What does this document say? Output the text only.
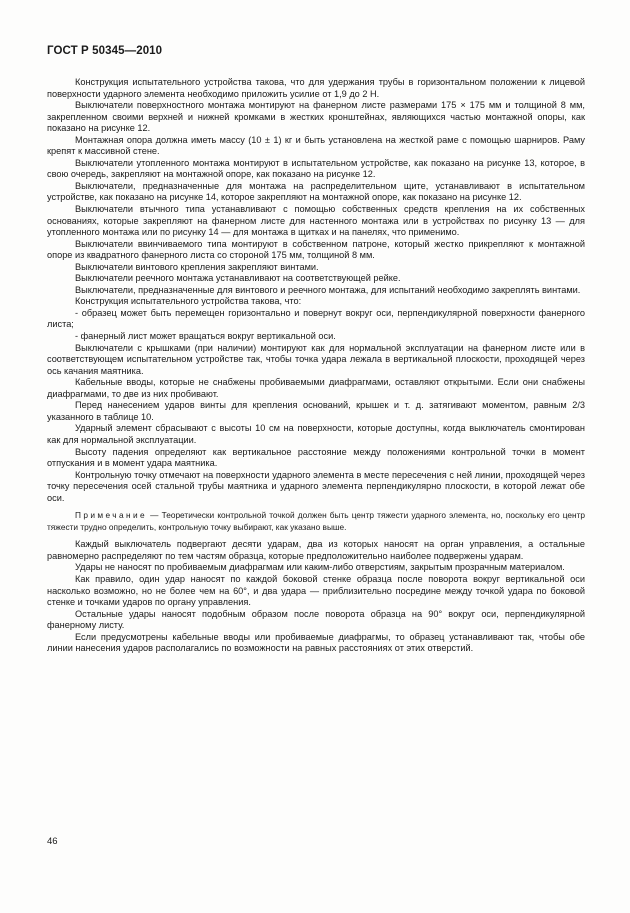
ГОСТ Р 50345—2010

Конструкция испытательного устройства такова, что для удержания трубы в горизонтальном положении к лицевой поверхности ударного элемента необходимо приложить усилие от 1,9 до 2 Н.

Выключатели поверхностного монтажа монтируют на фанерном листе размерами 175 × 175 мм и толщиной 8 мм, закрепленном своими верхней и нижней кромками в жестких кронштейнах, являющихся частью монтажной опоры, как показано на рисунке 12.

Монтажная опора должна иметь массу (10 ± 1) кг и быть установлена на жесткой раме с помощью шарниров. Раму крепят к массивной стене.

Выключатели утопленного монтажа монтируют в испытательном устройстве, как показано на рисунке 13, которое, в свою очередь, закрепляют на монтажной опоре, как показано на рисунке 12.

Выключатели, предназначенные для монтажа на распределительном щите, устанавливают в испытательном устройстве, как показано на рисунке 14, которое закрепляют на монтажной опоре, как показано на рисунке 12.

Выключатели втычного типа устанавливают с помощью собственных средств крепления на их собственных основаниях, которые закрепляют на фанерном листе для настенного монтажа или в устройствах по рисунку 13 — для утопленного монтажа или по рисунку 14 — для монтажа в щитках и на панелях, что применимо.

Выключатели ввинчиваемого типа монтируют в собственном патроне, который жестко прикрепляют к монтажной опоре из квадратного фанерного листа со стороной 175 мм, толщиной 8 мм.

Выключатели винтового крепления закрепляют винтами.

Выключатели реечного монтажа устанавливают на соответствующей рейке.

Выключатели, предназначенные для винтового и реечного монтажа, для испытаний необходимо закреплять винтами.

Конструкция испытательного устройства такова, что:

- образец может быть перемещен горизонтально и повернут вокруг оси, перпендикулярной поверхности фанерного листа;

- фанерный лист может вращаться вокруг вертикальной оси.

Выключатели с крышками (при наличии) монтируют как для нормальной эксплуатации на фанерном листе или в соответствующем испытательном устройстве так, чтобы точка удара лежала в вертикальной плоскости, проходящей через ось качания маятника.

Кабельные вводы, которые не снабжены пробиваемыми диафрагмами, оставляют открытыми. Если они снабжены диафрагмами, то две из них пробивают.

Перед нанесением ударов винты для крепления оснований, крышек и т. д. затягивают моментом, равным 2/3 указанного в таблице 10.

Ударный элемент сбрасывают с высоты 10 см на поверхности, которые доступны, когда выключатель смонтирован как для нормальной эксплуатации.

Высоту падения определяют как вертикальное расстояние между положениями контрольной точки в момент отпускания и в момент удара маятника.

Контрольную точку отмечают на поверхности ударного элемента в месте пересечения с ней линии, проходящей через точку пересечения осей стальной трубы маятника и ударного элемента перпендикулярно плоскости, в которой лежат обе оси.

Примечание — Теоретически контрольной точкой должен быть центр тяжести ударного элемента, но, поскольку его центр тяжести трудно определить, контрольную точку выбирают, как указано выше.

Каждый выключатель подвергают десяти ударам, два из которых наносят на орган управления, а остальные равномерно распределяют по тем частям образца, которые предположительно наиболее подвержены ударам.

Удары не наносят по пробиваемым диафрагмам или каким-либо отверстиям, закрытым прозрачным материалом.

Как правило, один удар наносят по каждой боковой стенке образца после поворота вокруг вертикальной оси насколько возможно, но не более чем на 60°, и два удара — приблизительно посредине между точкой удара по боковой стенке и точками ударов по органу управления.

Остальные удары наносят подобным образом после поворота образца на 90° вокруг оси, перпендикулярной фанерному листу.

Если предусмотрены кабельные вводы или пробиваемые диафрагмы, то образец устанавливают так, чтобы обе линии нанесения ударов располагались по возможности на равных расстояниях от этих отверстий.

46
